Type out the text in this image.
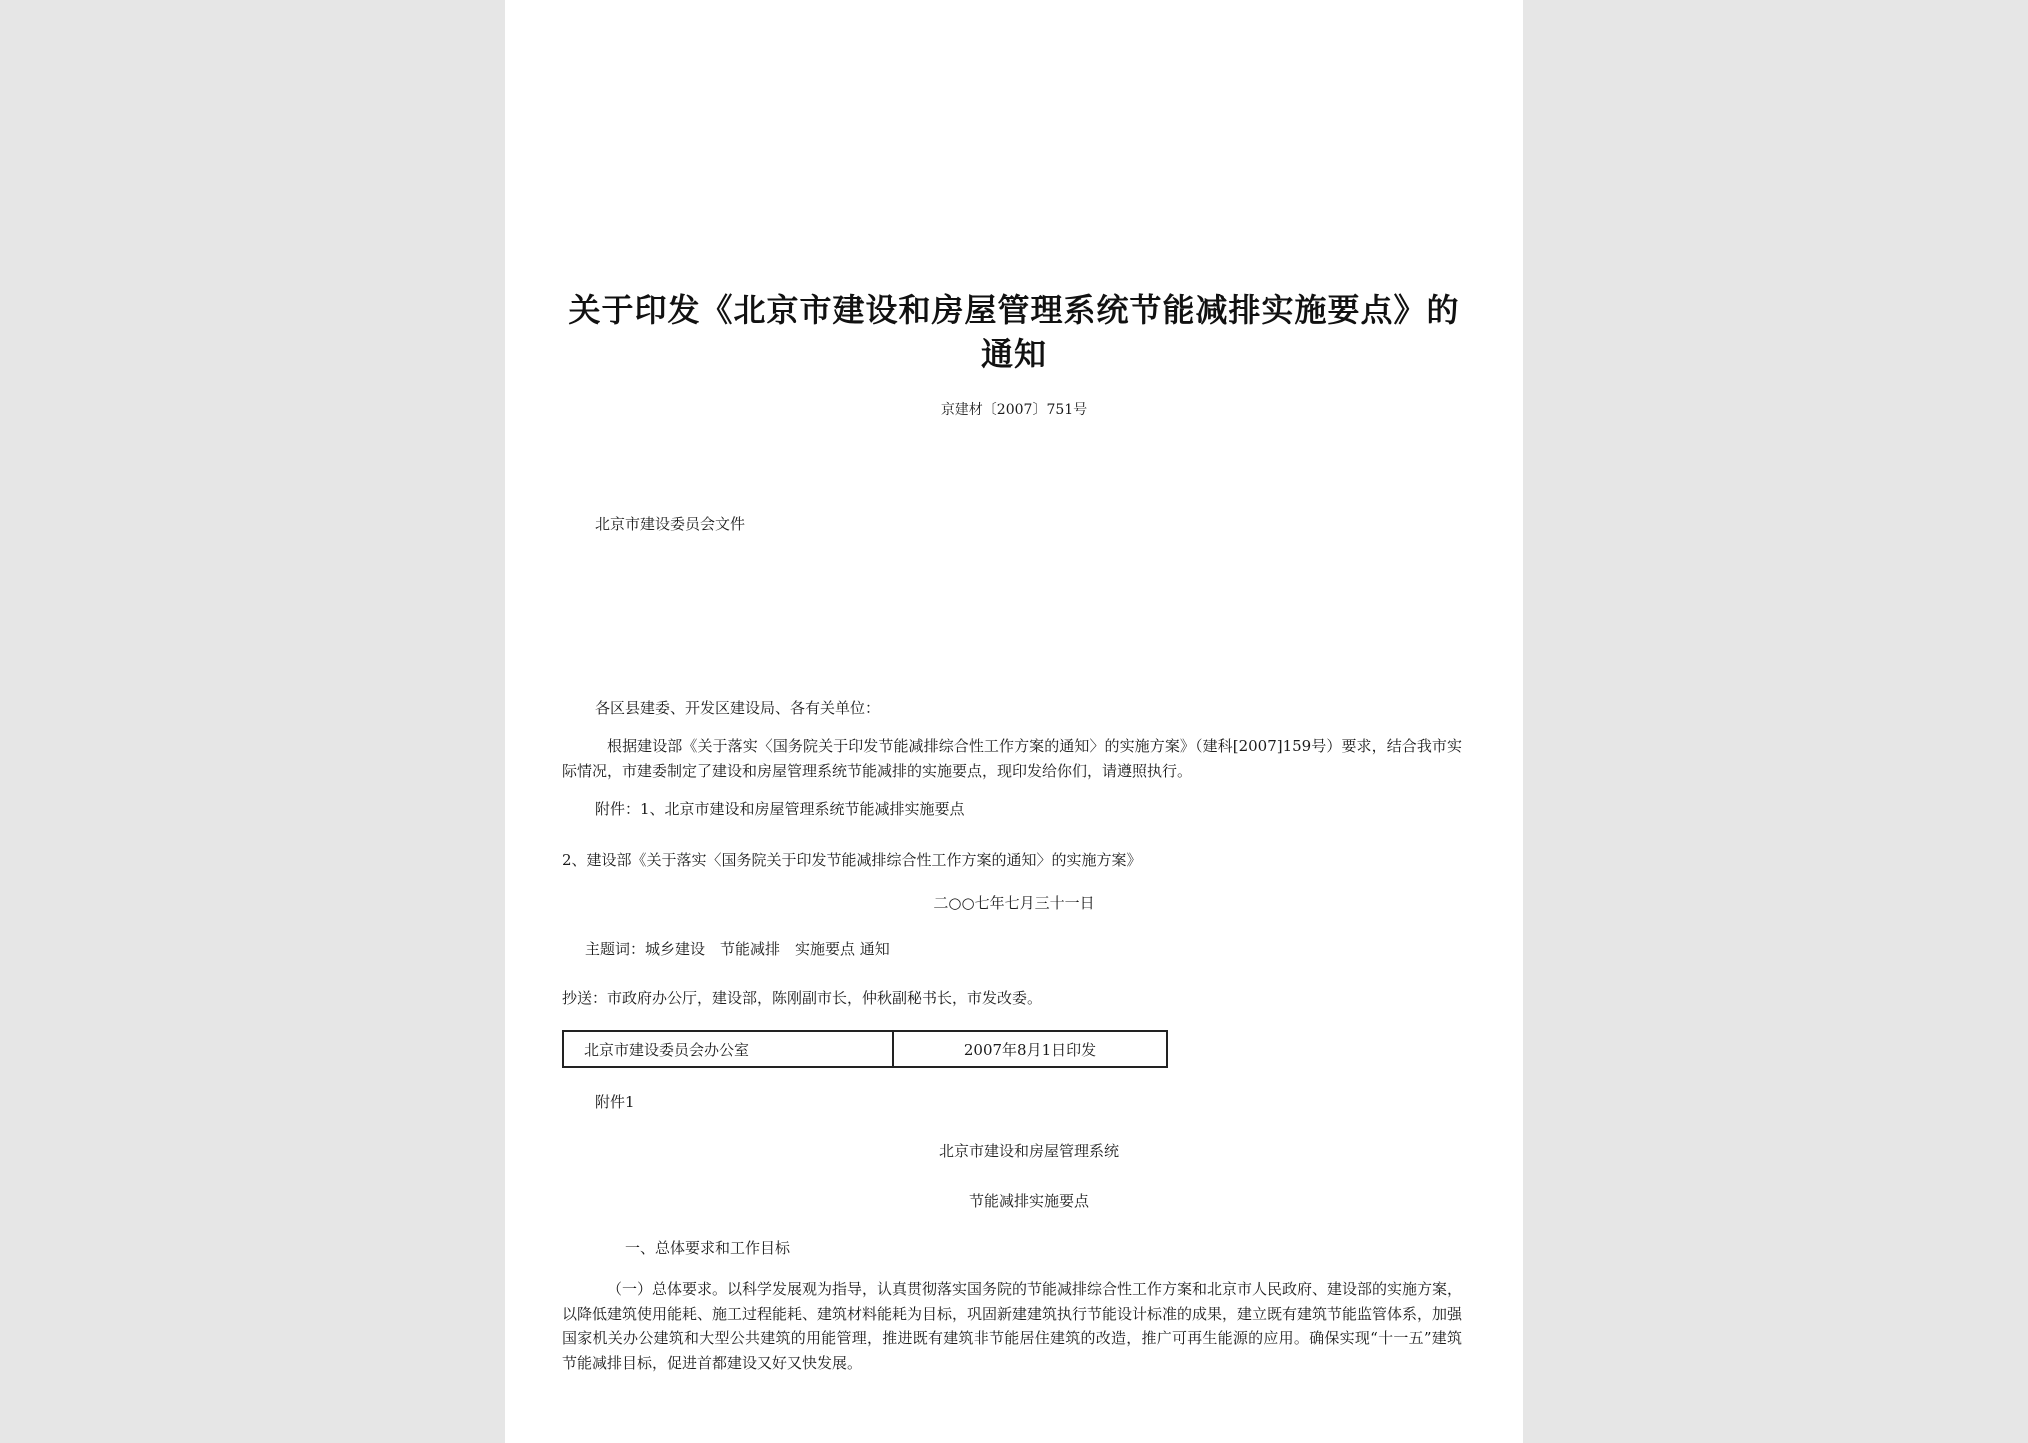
关于印发《北京市建设和房屋管理系统节能减排实施要点》的通知

京建材〔2007〕751号

北京市建设委员会文件

各区县建委、开发区建设局、各有关单位：

根据建设部《关于落实〈国务院关于印发节能减排综合性工作方案的通知〉的实施方案》（建科[2007]159号）要求，结合我市实际情况，市建委制定了建设和房屋管理系统节能减排的实施要点，现印发给你们，请遵照执行。

附件：1、北京市建设和房屋管理系统节能减排实施要点

2、建设部《关于落实〈国务院关于印发节能减排综合性工作方案的通知〉的实施方案》

二○○七年七月三十一日

主题词：城乡建设　节能减排　实施要点 通知

抄送：市政府办公厅，建设部，陈刚副市长，仲秋副秘书长，市发改委。

北京市建设委员会办公室	2007年8月1日印发

附件1

北京市建设和房屋管理系统

节能减排实施要点

一、总体要求和工作目标

（一）总体要求。以科学发展观为指导，认真贯彻落实国务院的节能减排综合性工作方案和北京市人民政府、建设部的实施方案，以降低建筑使用能耗、施工过程能耗、建筑材料能耗为目标，巩固新建建筑执行节能设计标准的成果，建立既有建筑节能监管体系，加强国家机关办公建筑和大型公共建筑的用能管理，推进既有建筑非节能居住建筑的改造，推广可再生能源的应用。确保实现“十一五”建筑节能减排目标，促进首都建设又好又快发展。
